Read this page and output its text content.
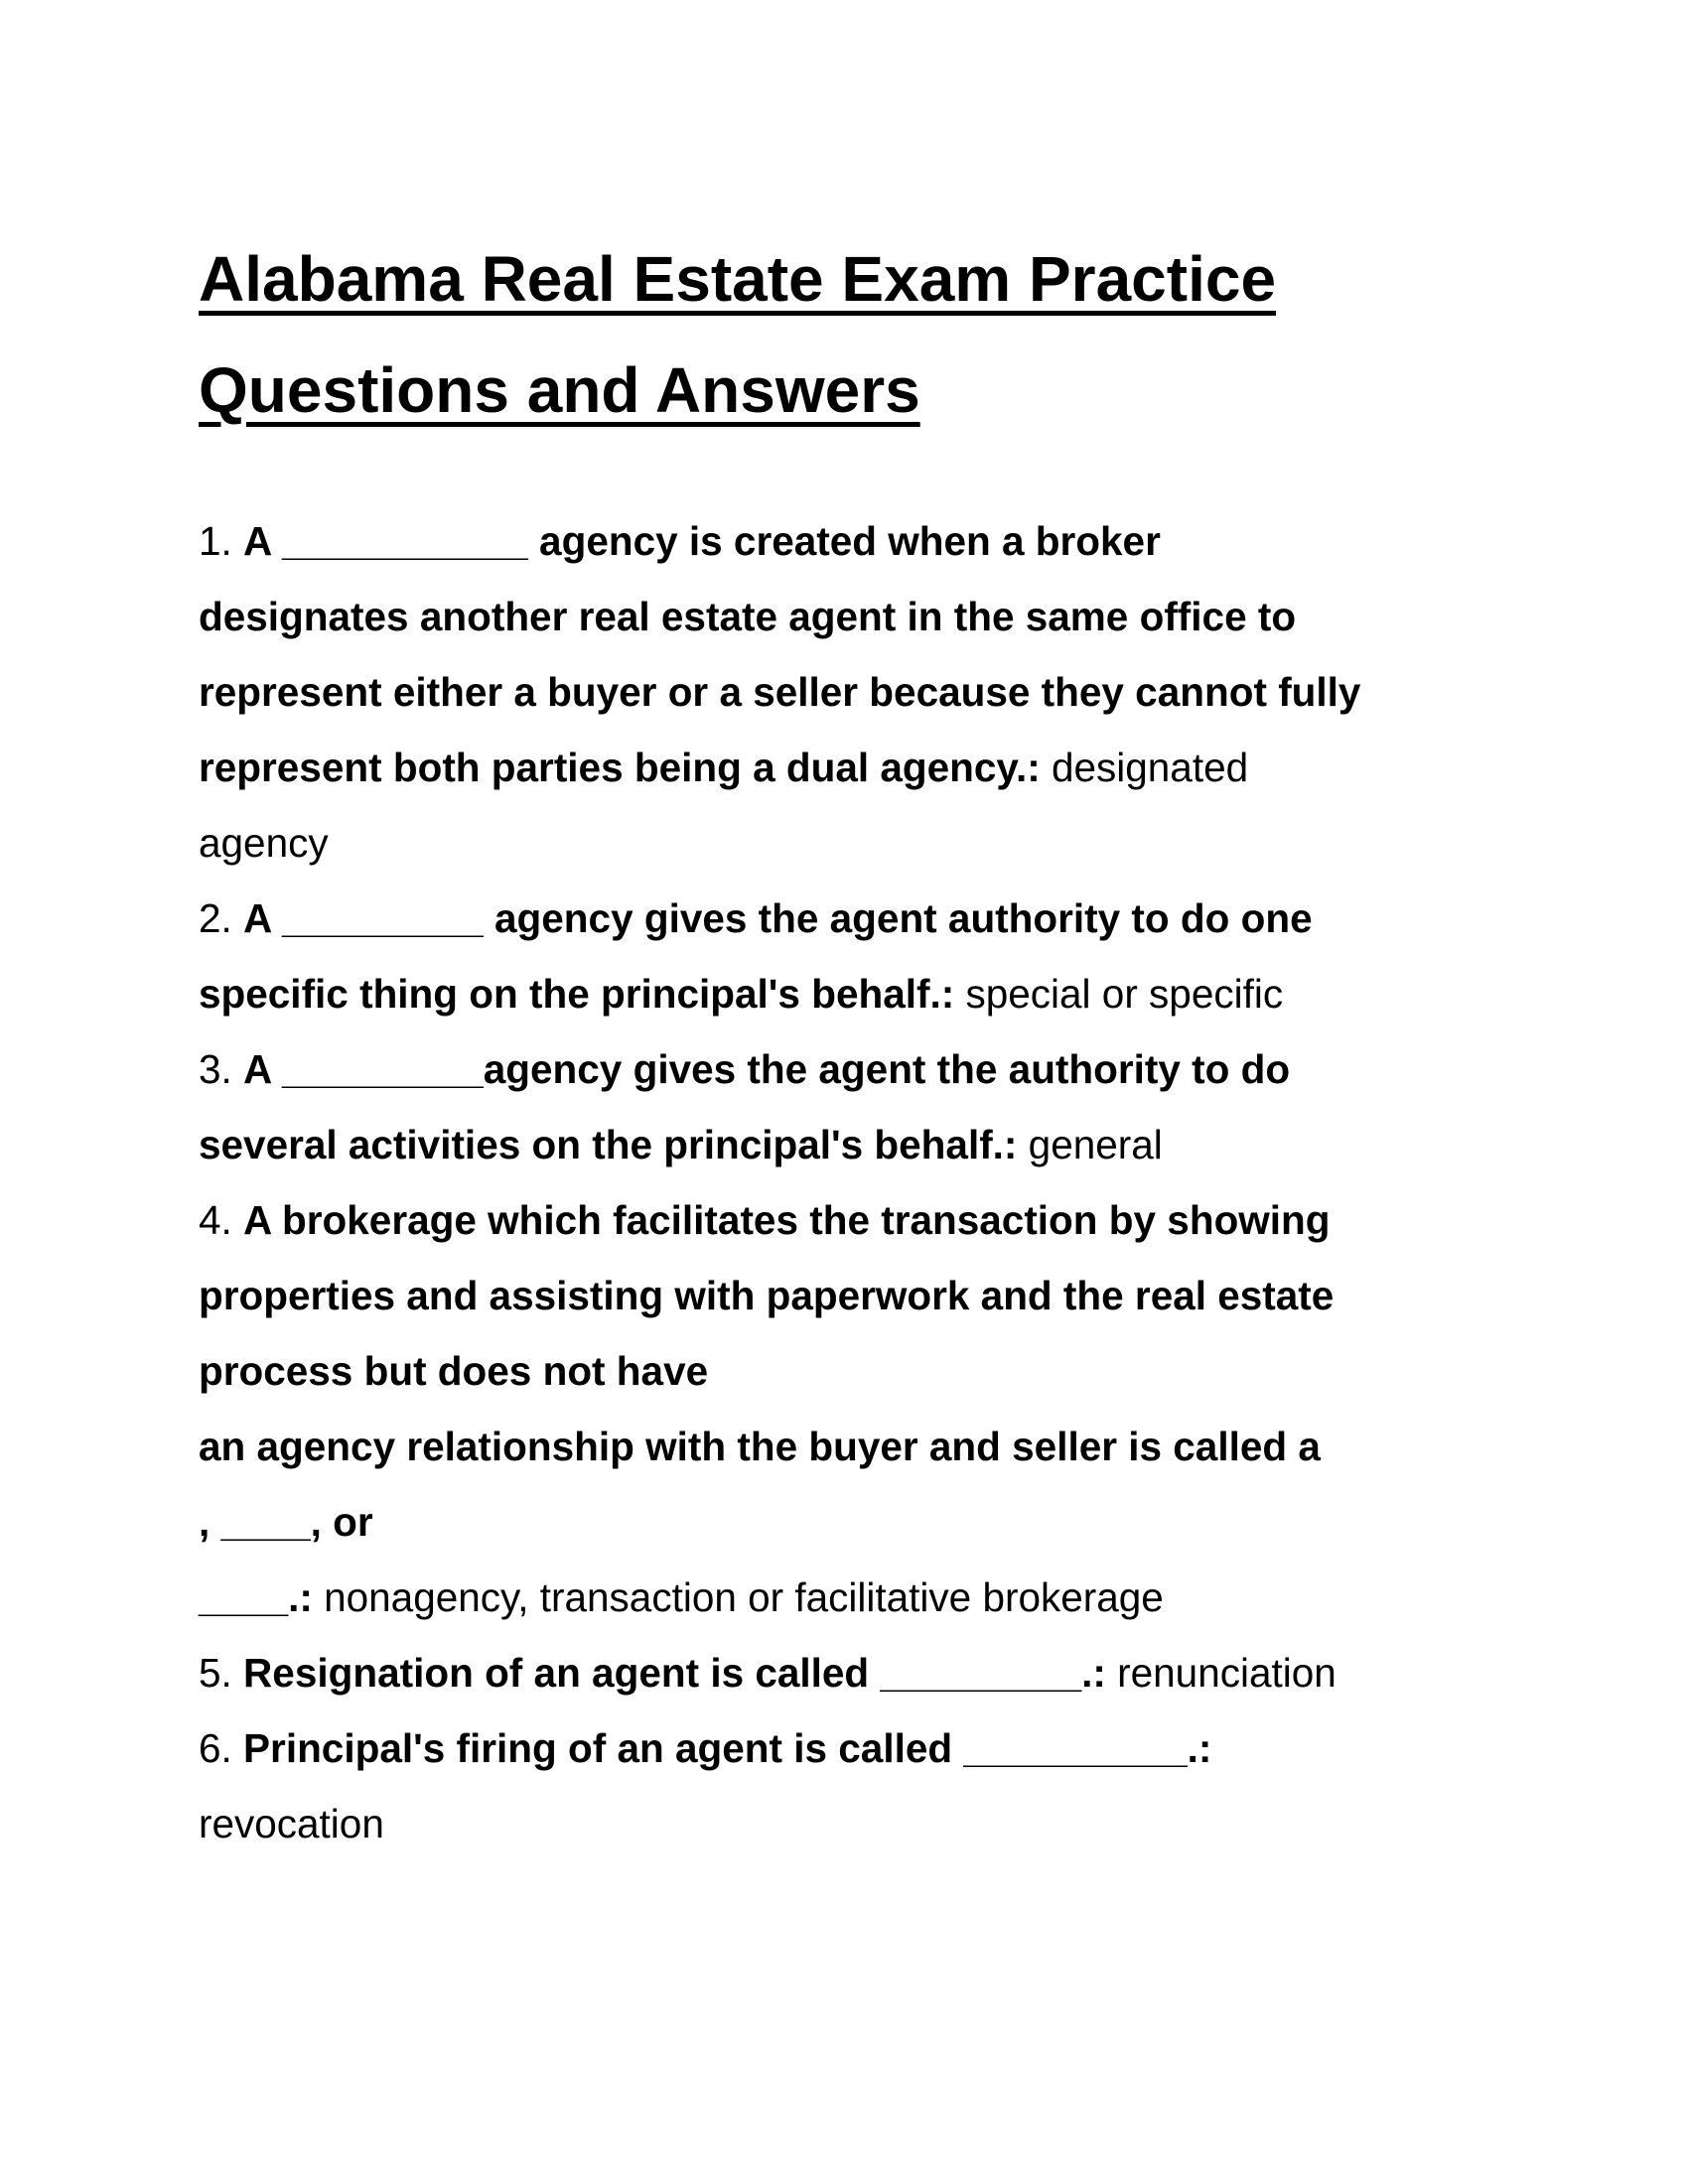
Alabama Real Estate Exam Practice
Questions and Answers
1. A ___________ agency is created when a broker
designates another real estate agent in the same office to
represent either a buyer or a seller because they cannot fully
represent both parties being a dual agency.: designated
agency
2. A _________ agency gives the agent authority to do one
specific thing on the principal's behalf.: special or specific
3. A _________agency gives the agent the authority to do
several activities on the principal's behalf.: general
4. A brokerage which facilitates the transaction by showing
properties and assisting with paperwork and the real estate
process but does not have
an agency relationship with the buyer and seller is called a
, ____, or
____.: nonagency, transaction or facilitative brokerage
5. Resignation of an agent is called _________.: renunciation
6. Principal's firing of an agent is called __________.:
revocation
